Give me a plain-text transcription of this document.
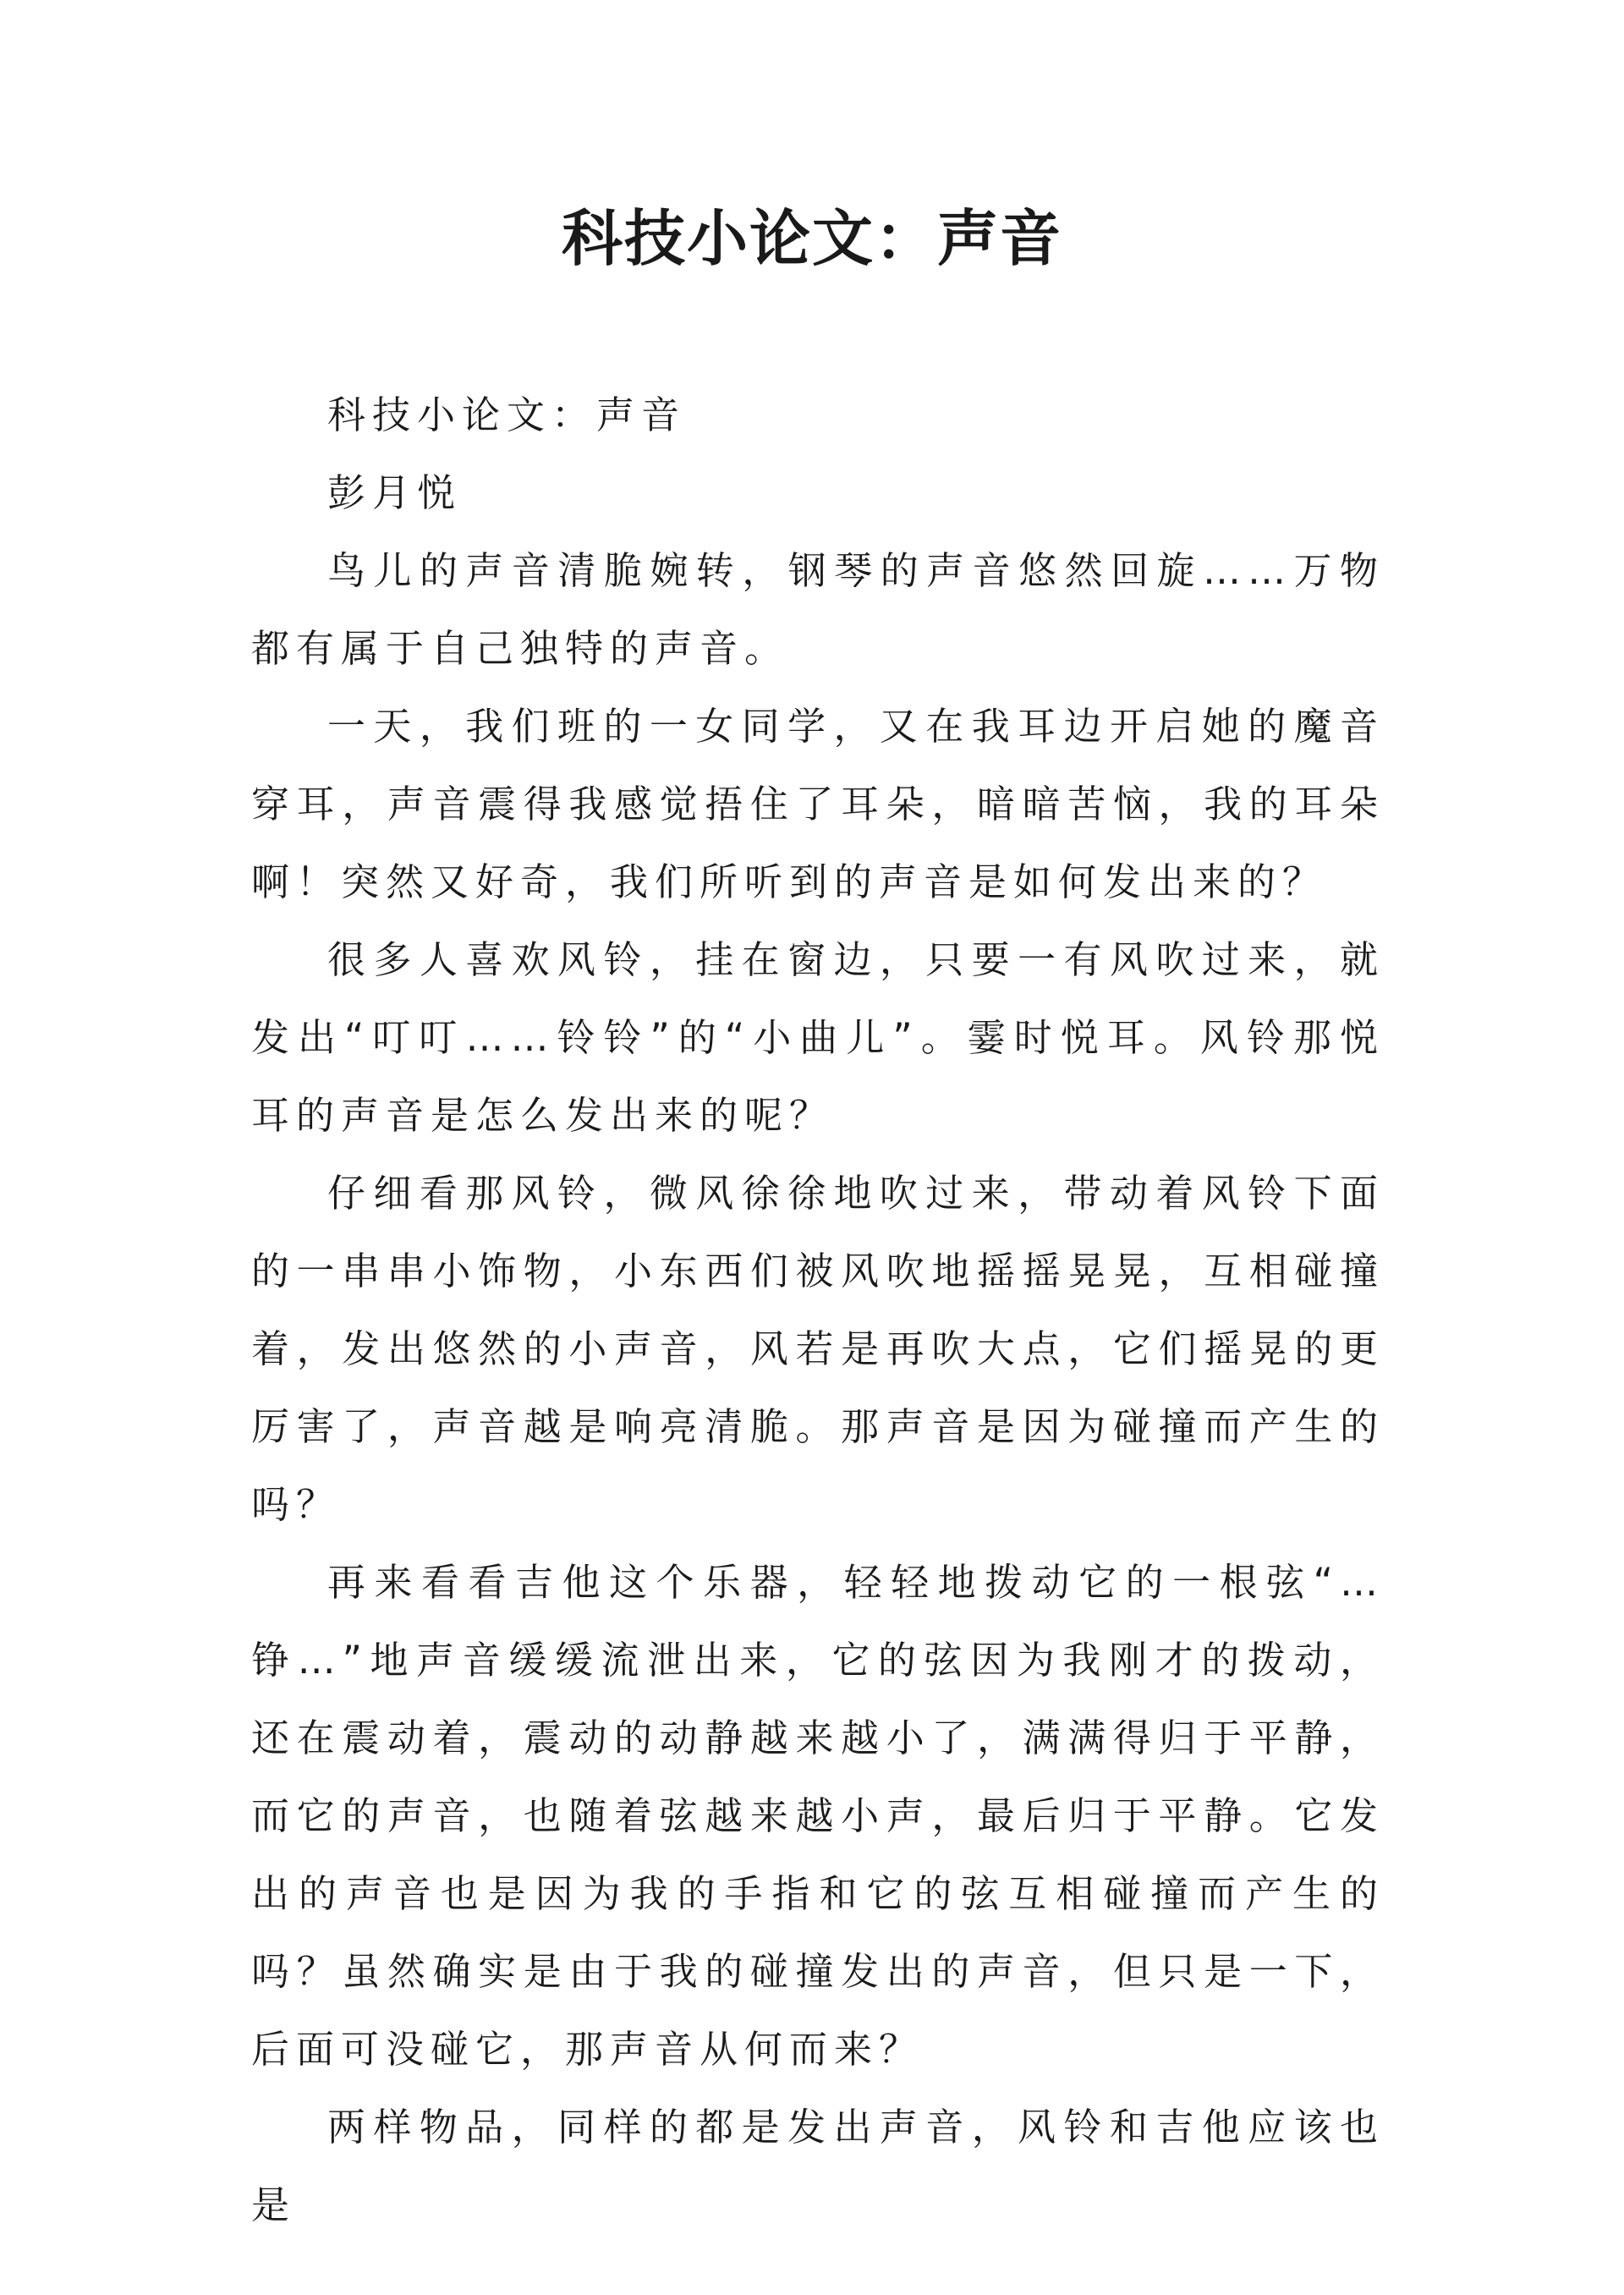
科技小论文：声音

科技小论文：声音

彭月悦

鸟儿的声音清脆婉转，钢琴的声音悠然回旋……万物都有属于自己独特的声音。

一天，我们班的一女同学，又在我耳边开启她的魔音穿耳，声音震得我感觉捂住了耳朵，暗暗苦恼，我的耳朵啊！突然又好奇，我们所听到的声音是如何发出来的？

很多人喜欢风铃，挂在窗边，只要一有风吹过来，就发出“叮叮……铃铃”的“小曲儿”。霎时悦耳。风铃那悦耳的声音是怎么发出来的呢？

仔细看那风铃，微风徐徐地吹过来，带动着风铃下面的一串串小饰物，小东西们被风吹地摇摇晃晃，互相碰撞着，发出悠然的小声音，风若是再吹大点，它们摇晃的更厉害了，声音越是响亮清脆。那声音是因为碰撞而产生的吗？

再来看看吉他这个乐器，轻轻地拨动它的一根弦“…铮…”地声音缓缓流泄出来，它的弦因为我刚才的拨动，还在震动着，震动的动静越来越小了，满满得归于平静，而它的声音，也随着弦越来越小声，最后归于平静。它发出的声音也是因为我的手指和它的弦互相碰撞而产生的吗？虽然确实是由于我的碰撞发出的声音，但只是一下，后面可没碰它，那声音从何而来？

两样物品，同样的都是发出声音，风铃和吉他应该也是
